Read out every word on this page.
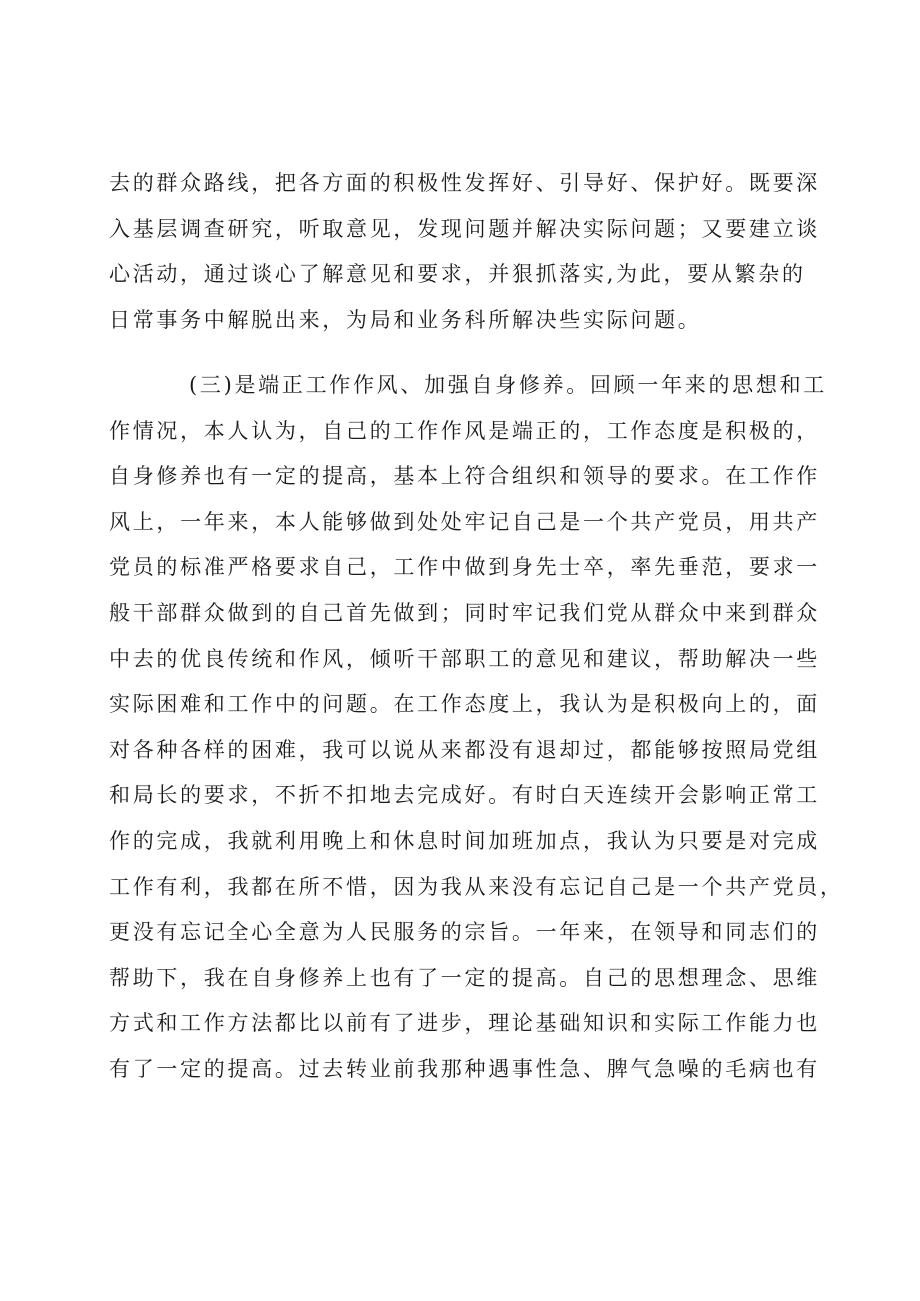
去的群众路线，把各方面的积极性发挥好、引导好、保护好。既要深
入基层调查研究，听取意见，发现问题并解决实际问题；又要建立谈
心活动，通过谈心了解意见和要求，并狠抓落实,为此，要从繁杂的
日常事务中解脱出来，为局和业务科所解决些实际问题。
(三)是端正工作作风、加强自身修养。回顾一年来的思想和工
作情况，本人认为，自己的工作作风是端正的，工作态度是积极的，
自身修养也有一定的提高，基本上符合组织和领导的要求。在工作作
风上，一年来，本人能够做到处处牢记自己是一个共产党员，用共产
党员的标准严格要求自己，工作中做到身先士卒，率先垂范，要求一
般干部群众做到的自己首先做到；同时牢记我们党从群众中来到群众
中去的优良传统和作风，倾听干部职工的意见和建议，帮助解决一些
实际困难和工作中的问题。在工作态度上，我认为是积极向上的，面
对各种各样的困难，我可以说从来都没有退却过，都能够按照局党组
和局长的要求，不折不扣地去完成好。有时白天连续开会影响正常工
作的完成，我就利用晚上和休息时间加班加点，我认为只要是对完成
工作有利，我都在所不惜，因为我从来没有忘记自己是一个共产党员，
更没有忘记全心全意为人民服务的宗旨。一年来，在领导和同志们的
帮助下，我在自身修养上也有了一定的提高。自己的思想理念、思维
方式和工作方法都比以前有了进步，理论基础知识和实际工作能力也
有了一定的提高。过去转业前我那种遇事性急、脾气急噪的毛病也有
